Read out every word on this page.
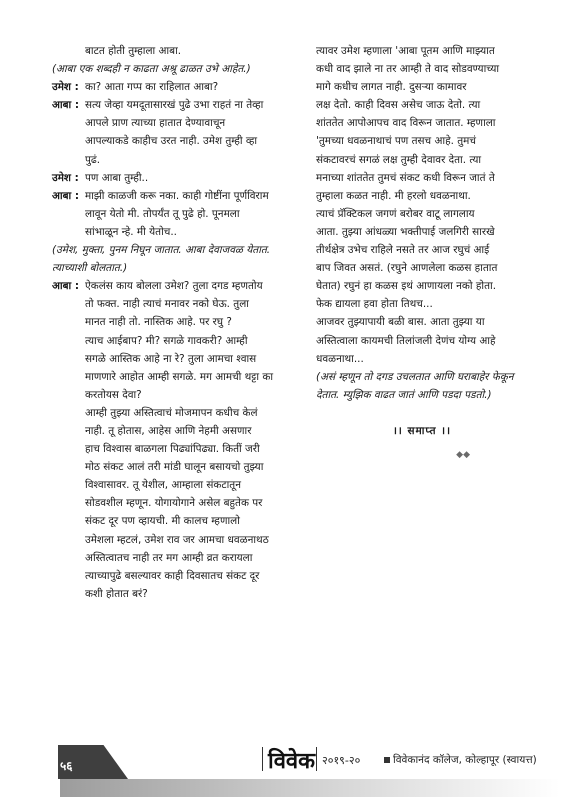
बाटत होती तुम्हाला आबा.
(आबा एक शब्दही न काढता अश्रू ढाळत उभे आहेत.)
उमेश : का? आता गप्प का राहिलात आबा?
आबा : सत्य जेव्हा यमदूतासारखं पुढे उभा राहतं ना तेव्हा
आपले प्राण त्याच्या हातात देण्यावाचून
आपल्याकडे काहीच उरत नाही. उमेश तुम्ही व्हा
पुढं.
उमेश : पण आबा तुम्ही..
आबा : माझी काळजी करू नका. काही गोष्टींना पूर्णविराम
लावून येतो मी. तोपर्यंत तू पुढे हो. पूनमला
सांभाळून न्हे. मी येतोच..
(उमेश, मुक्ता, पुनम निघून जातात. आबा देवाजवळ येतात.
त्याच्याशी बोलतात.)
आबा : ऐकलंस काय बोलला उमेश? तुला दगड म्हणतोय
तो फक्त. नाही त्याचं मनावर नको घेऊ. तुला
मानत नाही तो. नास्तिक आहे. पर रघु ?
त्याच आईबाप? मी? सगळे गावकरी? आम्ही
सगळे आस्तिक आहे ना रे? तुला आमचा श्वास
माणणारे आहोत आम्ही सगळे. मग आमची थट्टा का
करतोयस देवा?
आम्ही तुझ्या अस्तित्वाचं मोजमापन कधीच केलं
नाही. तू होतास, आहेस आणि नेहमी असणार
हाच विश्वास बाळगला पिढ्यांपिढ्या. कितीं जरी
मोठ संकट आलं तरी मांडी घालून बसायचो तुझ्या
विश्वासावर. तू येशील, आम्हाला संकटातून
सोडवशील म्हणून. योगायोगाने असेल बहुतेक पर
संकट दूर पण व्हायची. मी कालच म्हणालो
उमेशला म्हटलं, उमेश राव जर आमचा धवळनाथठ
अस्तित्वातच नाही तर मग आम्ही व्रत करायला
त्याच्यापुढे बसल्यावर काही दिवसातच संकट दूर
कशी होतात बरं?
त्यावर उमेश म्हणाला 'आबा पूतम आणि माझ्यात
कधी वाद झाले ना तर आम्ही ते वाद सोडवण्याच्या
मागे कधीच लागत नाही. दुसऱ्या कामावर
लक्ष देतो. काही दिवस असेच जाऊ देतो. त्या
शांततेत आपोआपच वाद विरून जातात. म्हणाला
'तुमच्या धवळनाथाचं पण तसच आहे. तुमचं
संकटावरचं सगळं लक्ष तुम्ही देवावर देता. त्या
मनाच्या शांततेत तुमचं संकट कधी विरून जातं ते
तुम्हाला कळत नाही. मी हरलो धवळनाथा.
त्याचं प्रॅक्टिकल जगणं बरोबर वाटू लागलाय
आता. तुझ्या आंधळ्या भक्तीपाई जलगिरी सारखे
तीर्थक्षेत्र उभेच राहिले नसते तर आज रघुचं आई
बाप जिवत असतं. (रघुने आणलेला कळस हातात
घेतात) रघुनं हा कळस इथं आणायला नको होता.
फेक द्यायला हवा होता तिथच...
आजवर तुझ्यापायी बळी बास. आता तुझ्या या
अस्तित्वाला कायमची तिलांजली देणंच योग्य आहे
धवळनाथा...
(असं म्हणून तो दगड उचलतात आणि घराबाहेर फेकून
देतात. म्युझिक वाढत जातं आणि पडदा पडतो.)
।। समाप्त ।।
◆◆
५६	विवेक २०१९-२०	विवेकानंद कॉलेज, कोल्हापूर (स्वायत्त)
